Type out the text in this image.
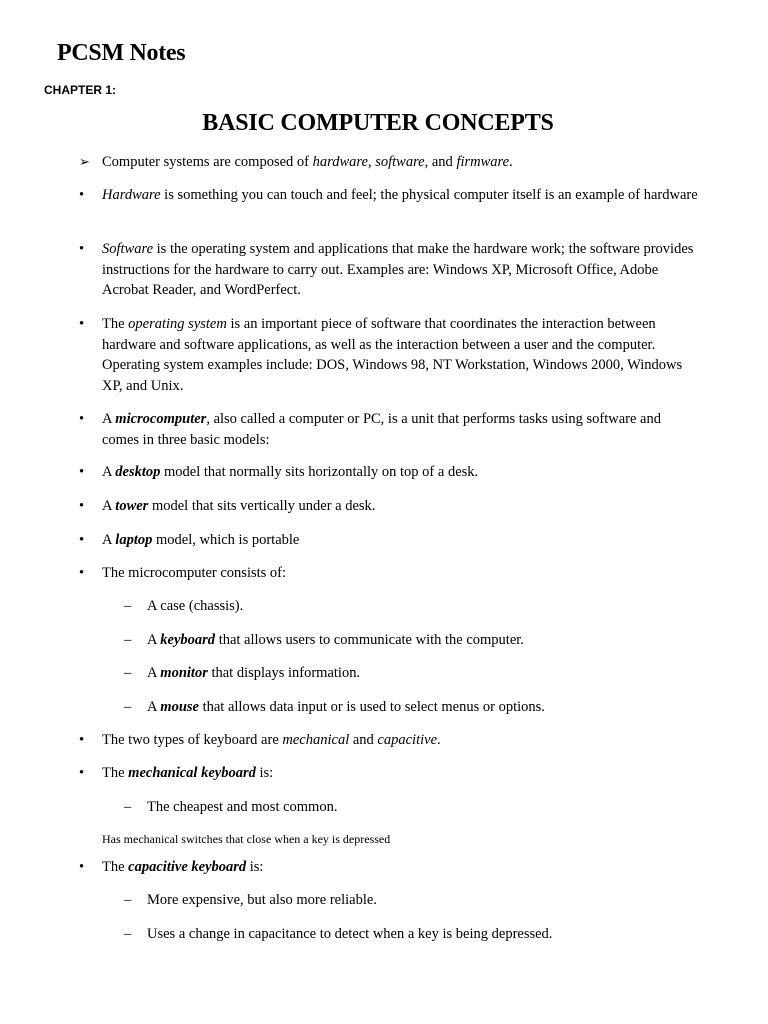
PCSM Notes
CHAPTER 1:
BASIC COMPUTER CONCEPTS
➢ Computer systems are composed of hardware, software, and firmware.
• Hardware is something you can touch and feel; the physical computer itself is an example of hardware
• Software is the operating system and applications that make the hardware work; the software provides instructions for the hardware to carry out. Examples are: Windows XP, Microsoft Office, Adobe Acrobat Reader, and WordPerfect.
• The operating system is an important piece of software that coordinates the interaction between hardware and software applications, as well as the interaction between a user and the computer. Operating system examples include: DOS, Windows 98, NT Workstation, Windows 2000, Windows XP, and Unix.
• A microcomputer, also called a computer or PC, is a unit that performs tasks using software and comes in three basic models:
• A desktop model that normally sits horizontally on top of a desk.
• A tower model that sits vertically under a desk.
• A laptop model, which is portable
• The microcomputer consists of:
– A case (chassis).
– A keyboard that allows users to communicate with the computer.
– A monitor that displays information.
– A mouse that allows data input or is used to select menus or options.
• The two types of keyboard are mechanical and capacitive.
• The mechanical keyboard is:
– The cheapest and most common.
Has mechanical switches that close when a key is depressed
• The capacitive keyboard is:
– More expensive, but also more reliable.
– Uses a change in capacitance to detect when a key is being depressed.
